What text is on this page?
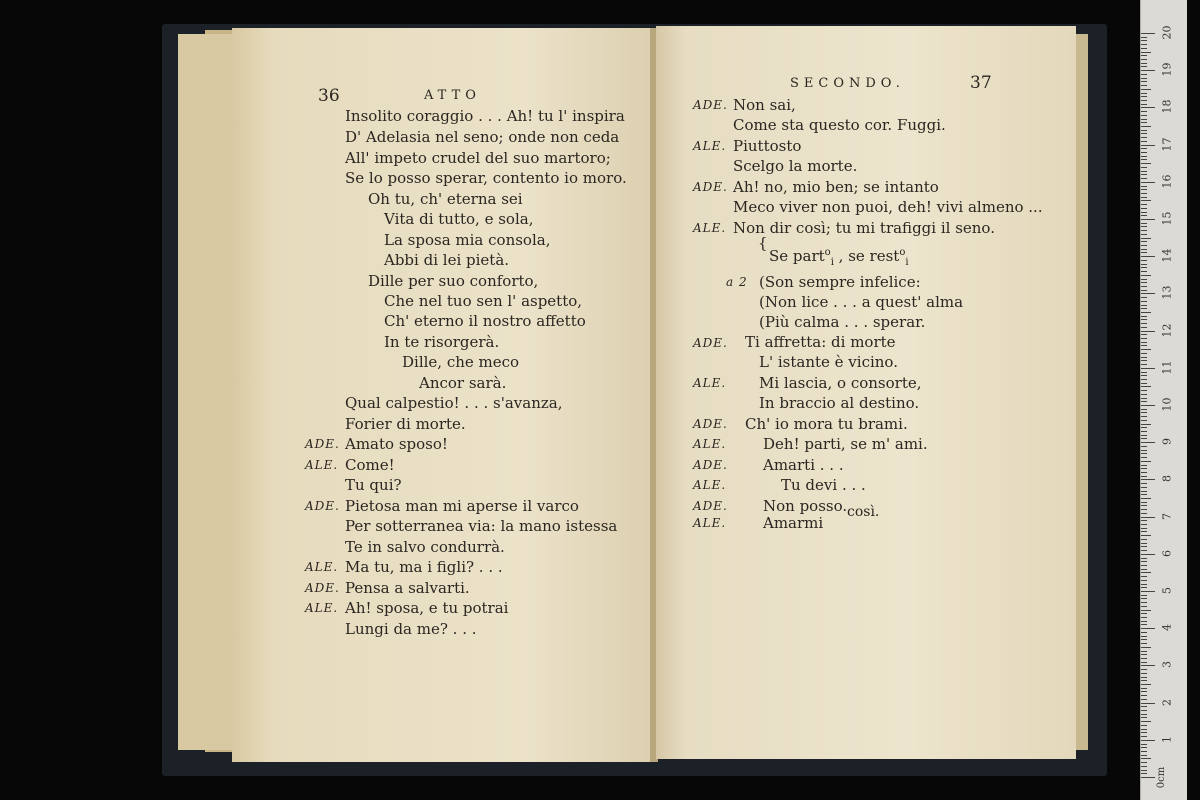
36	ATTO
Insolito coraggio . . . Ah! tu l' inspira
D' Adelasia nel seno; onde non ceda
All' impeto crudel del suo martoro;
Se lo posso sperar, contento io moro.
Oh tu, ch' eterna sei
Vita di tutto, e sola,
La sposa mia consola,
Abbi di lei pietà.
Dille per suo conforto,
Che nel tuo sen l' aspetto,
Ch' eterno il nostro affetto
In te risorgerà.
Dille, che meco
Ancor sarà.
Qual calpestio! . . . s'avanza,
Forier di morte.
ADE. Amato sposo!
ALE. Come!
Tu qui?
ADE. Pietosa man mi aperse il varco
Per sotterranea via: la mano istessa
Te in salvo condurrà.
ALE. Ma tu, ma i figli? . . .
ADE. Pensa a salvarti.
ALE. Ah! sposa, e tu potrai
Lungi da me? . . .
SECONDO.	37
ADE. Non sai,
Come sta questo cor. Fuggi.
ALE. Piuttosto
Scelgo la morte.
ADE. Ah! no, mio ben; se intanto
Meco viver non puoi, deh! vivi almeno ...
ALE. Non dir così; tu mi trafiggi il seno.
{
Se part$^o_i$ , se rest$^o_i$
a 2 (Son sempre infelice:
(Non lice . . . a quest' alma
(Più calma . . . sperar.
ADE. Ti affretta: di morte
L' istante è vicino.
ALE. Mi lascia, o consorte,
In braccio al destino.
ADE. Ch' io mora tu brami.
ALE. Deh! parti, se m' ami.
ADE. Amarti . . .
ALE.	Tu devi . . .
ADE. Non posso. così.
ALE. Amarmi
0cm
1
2
3
4
5
6
7
8
9
10
11
12
13
14
15
16
17
18
19
20
